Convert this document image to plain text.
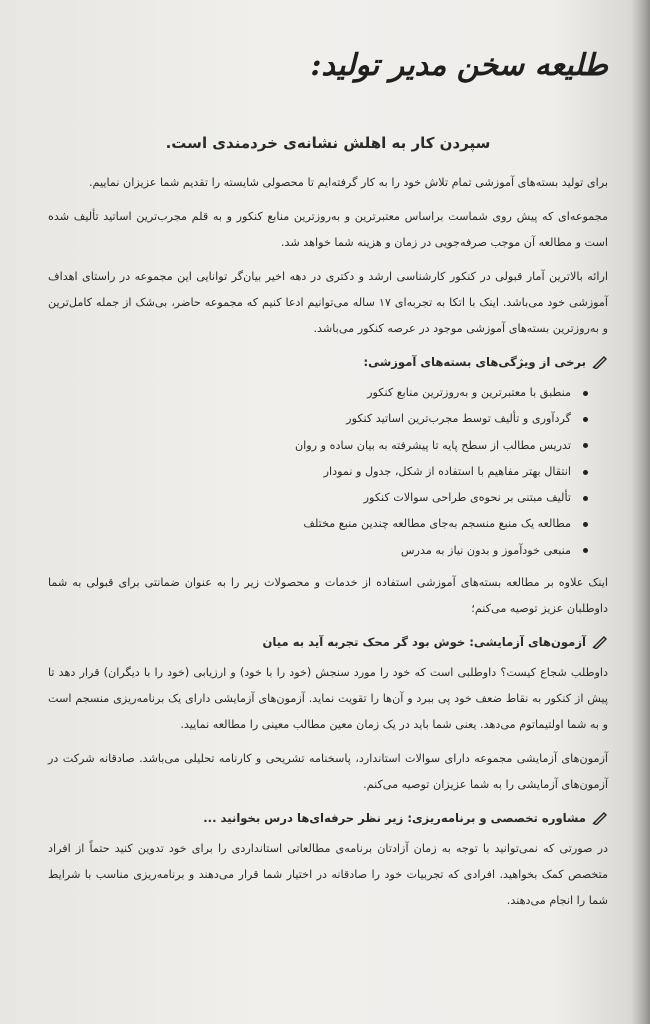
طلیعه سخن مدیر تولید:
سپردن کار به اهلش نشانه‌ی خردمندی است.

برای تولید بسته‌های آموزشی تمام تلاش خود را به کار گرفته‌ایم تا محصولی شایسته را تقدیم شما عزیزان نماییم.

مجموعه‌ای که پیش روی شماست براساس معتبرترین و به‌روزترین منابع کنکور و به قلم مجرب‌ترین اساتید تألیف شده است و مطالعه آن موجب صرفه‌جویی در زمان و هزینه شما خواهد شد.

ارائه بالاترین آمار قبولی در کنکور کارشناسی ارشد و دکتری در دهه اخیر بیان‌گر توانایی این مجموعه در راستای اهداف آموزشی خود می‌باشد. اینک با اتکا به تجربه‌ای ۱۷ ساله می‌توانیم ادعا کنیم که مجموعه حاضر، بی‌شک از جمله کامل‌ترین و به‌روزترین بسته‌های آموزشی موجود در عرصه کنکور می‌باشد.

برخی از ویژگی‌های بسته‌های آموزشی:
منطبق با معتبرترین و به‌روزترین منابع کنکور
گردآوری و تألیف توسط مجرب‌ترین اساتید کنکور
تدریس مطالب از سطح پایه تا پیشرفته به بیان ساده و روان
انتقال بهتر مفاهیم با استفاده از شکل، جدول و نمودار
تألیف مبتنی بر نحوه‌ی طراحی سوالات کنکور
مطالعه یک منبع منسجم به‌جای مطالعه چندین منبع مختلف
منبعی خودآموز و بدون نیاز به مدرس

اینک علاوه بر مطالعه بسته‌های آموزشی استفاده از خدمات و محصولات زیر را به عنوان ضمانتی برای قبولی به شما داوطلبان عزیز توصیه می‌کنم؛

آزمون‌های آزمایشی: خوش بود گر محک تجربه آید به میان

داوطلب شجاع کیست؟ داوطلبی است که خود را مورد سنجش (خود را با خود) و ارزیابی (خود را با دیگران) قرار دهد تا پیش از کنکور به نقاط ضعف خود پی ببرد و آن‌ها را تقویت نماید. آزمون‌های آزمایشی دارای یک برنامه‌ریزی منسجم است و به شما اولتیماتوم می‌دهد. یعنی شما باید در یک زمان معین مطالب معینی را مطالعه نمایید.

آزمون‌های آزمایشی مجموعه دارای سوالات استاندارد، پاسخنامه تشریحی و کارنامه تحلیلی می‌باشد. صادقانه شرکت در آزمون‌های آزمایشی را به شما عزیزان توصیه می‌کنم.

مشاوره تخصصی و برنامه‌ریزی: زیر نظر حرفه‌ای‌ها درس بخوانید ...

در صورتی که نمی‌توانید با توجه به زمان آزادتان برنامه‌ی مطالعاتی استانداردی را برای خود تدوین کنید حتماً از افراد متخصص کمک بخواهید. افرادی که تجربیات خود را صادقانه در اختیار شما قرار می‌دهند و برنامه‌ریزی مناسب با شرایط شما را انجام می‌دهند.
